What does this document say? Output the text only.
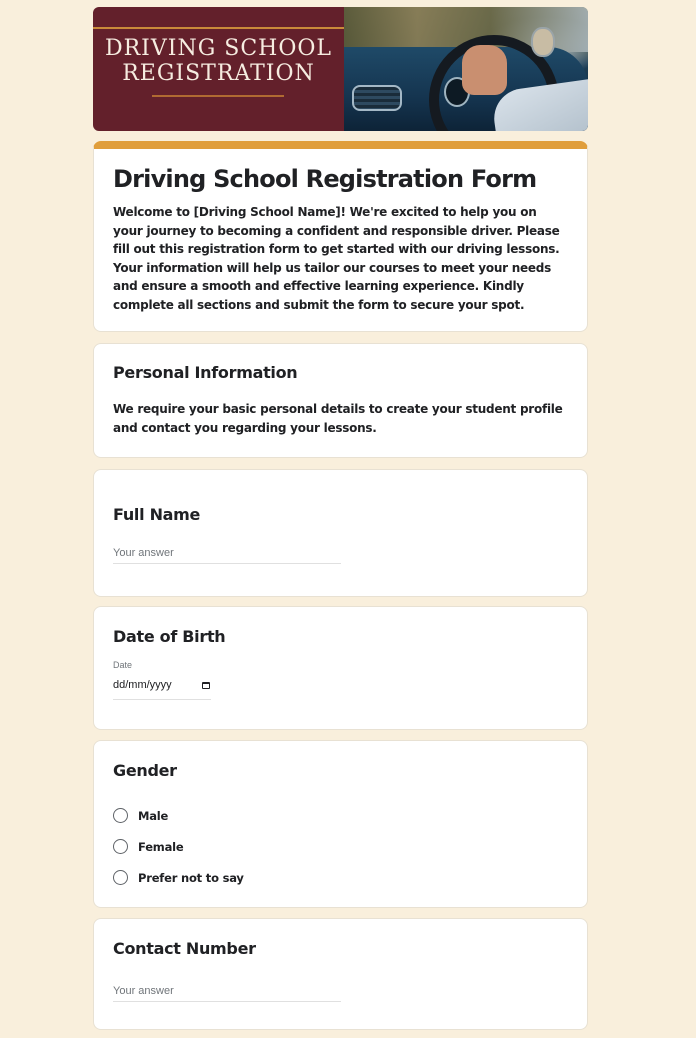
DRIVING SCHOOL
REGISTRATION
Driving School Registration Form

Welcome to [Driving School Name]! We're excited to help you on your journey to becoming a confident and responsible driver. Please fill out this registration form to get started with our driving lessons. Your information will help us tailor our courses to meet your needs and ensure a smooth and effective learning experience. Kindly complete all sections and submit the form to secure your spot.

Personal Information
We require your basic personal details to create your student profile and contact you regarding your lessons.
Full Name
Your answer
Date of Birth
Date
dd/mm/yyyy
Gender
Male
Female
Prefer not to say
Contact Number
Your answer
